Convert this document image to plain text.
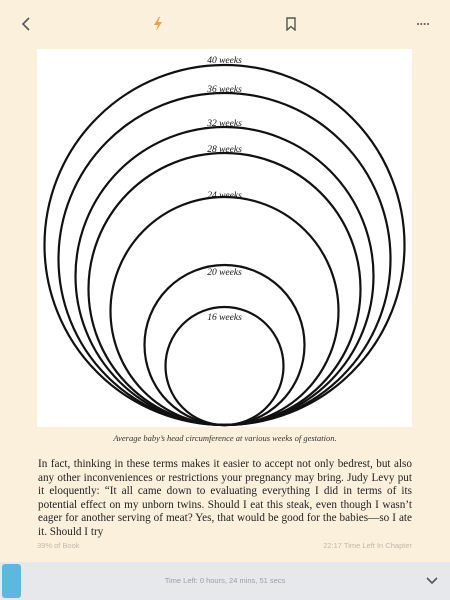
40 weeks
36 weeks
32 weeks
28 weeks
24 weeks
20 weeks
16 weeks
Average baby’s head circumference at various weeks of gestation.
In fact, thinking in these terms makes it easier to accept not only bedrest, but also any other inconveniences or restrictions your pregnancy may bring. Judy Levy put it eloquently: “It all came down to evaluating everything I did in terms of its potential effect on my unborn twins. Should I eat this steak, even though I wasn’t eager for another serving of meat? Yes, that would be good for the babies—so I ate it. Should I try
39% of Book	22:17 Time Left In Chapter
Time Left: 0 hours, 24 mins, 51 secs
